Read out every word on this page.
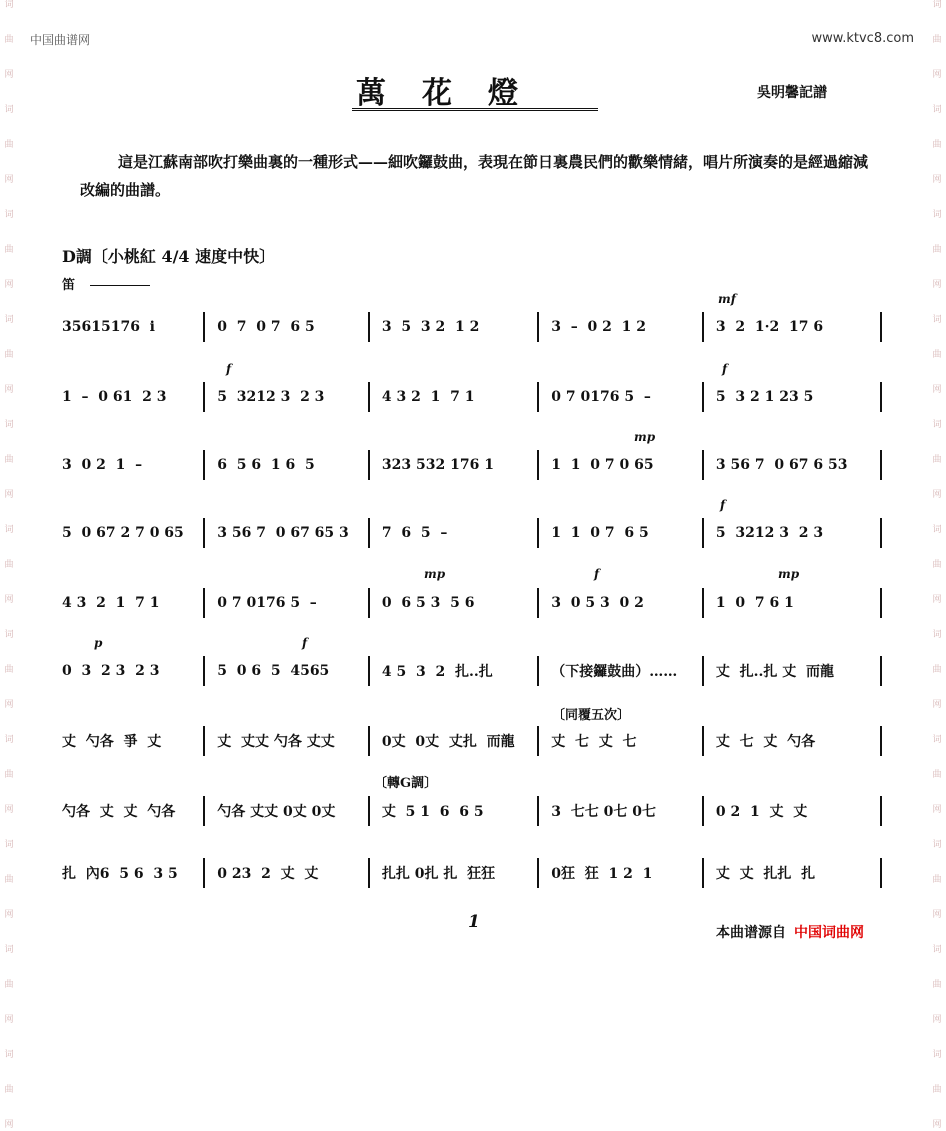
词
曲
网
词
曲
网
词
曲
网
词
曲
网
词
曲
网
词
曲
网
词
曲
网
词
曲
网
词
曲
网
词
曲
网
词
曲
网
词
曲
网
词
曲
网
词
曲
网
词
曲
网
词
曲
网
词
曲
网
词
曲
网
词
曲
网
词
曲
网
词
曲
网
词
曲
网
中国曲谱网	www.ktvc8.com
萬花燈	吳明馨記譜
這是江蘇南部吹打樂曲裏的一種形式——細吹鑼鼓曲，表現在節日裏農民們的歡樂情緒，唱片所演奏的是經過縮減改編的曲譜。
D調〔小桃紅 4/4 速度中快〕
笛
35615176  i	0  7  0 7  6 5	3  5  3 2  1 2	3  –  0 2  1 2	3  2  1·2  17 6
1  –  0 61  2 3	5  3212 3  2 3	4 3 2  1  7 1	0 7 0176 5  –	5  3 2 1 23 5
3  0 2  1  –	6  5 6  1 6  5	323 532 176 1	1  1  0 7 0 65	3 56 7  0 67 6 53
5  0 67 2 7 0 65	3 56 7  0 67 65 3	7  6  5  –	1  1  0 7  6 5	5  3212 3  2 3
4 3  2  1  7 1	0 7 0176 5  –	0  6 5 3  5 6	3  0 5 3  0 2	1  0  7 6 1
0  3  2 3  2 3	5  0 6  5  4565	4 5  3  2  扎..扎	（下接鑼鼓曲）……	丈  扎..扎 丈  而龍
丈  勺各  爭  丈	丈  丈丈 勺各 丈丈	0丈  0丈  丈扎  而龍	丈  七  丈  七	丈  七  丈  勺各
勺各  丈  丈  勺各	勺各 丈丈 0丈 0丈	丈  5 1  6  6 5	3  七七 0七 0七	0 2  1  丈  丈
扎  內6  5 6  3 5	0 23  2  丈  丈	扎扎 0扎 扎  狂狂	0狂  狂  1 2  1	丈  丈  扎扎  扎
mf
f	f
mp
f
mp	f	mp
p	f
〔同覆五次〕
〔轉G調〕
1
本曲谱源自 中国词曲网
